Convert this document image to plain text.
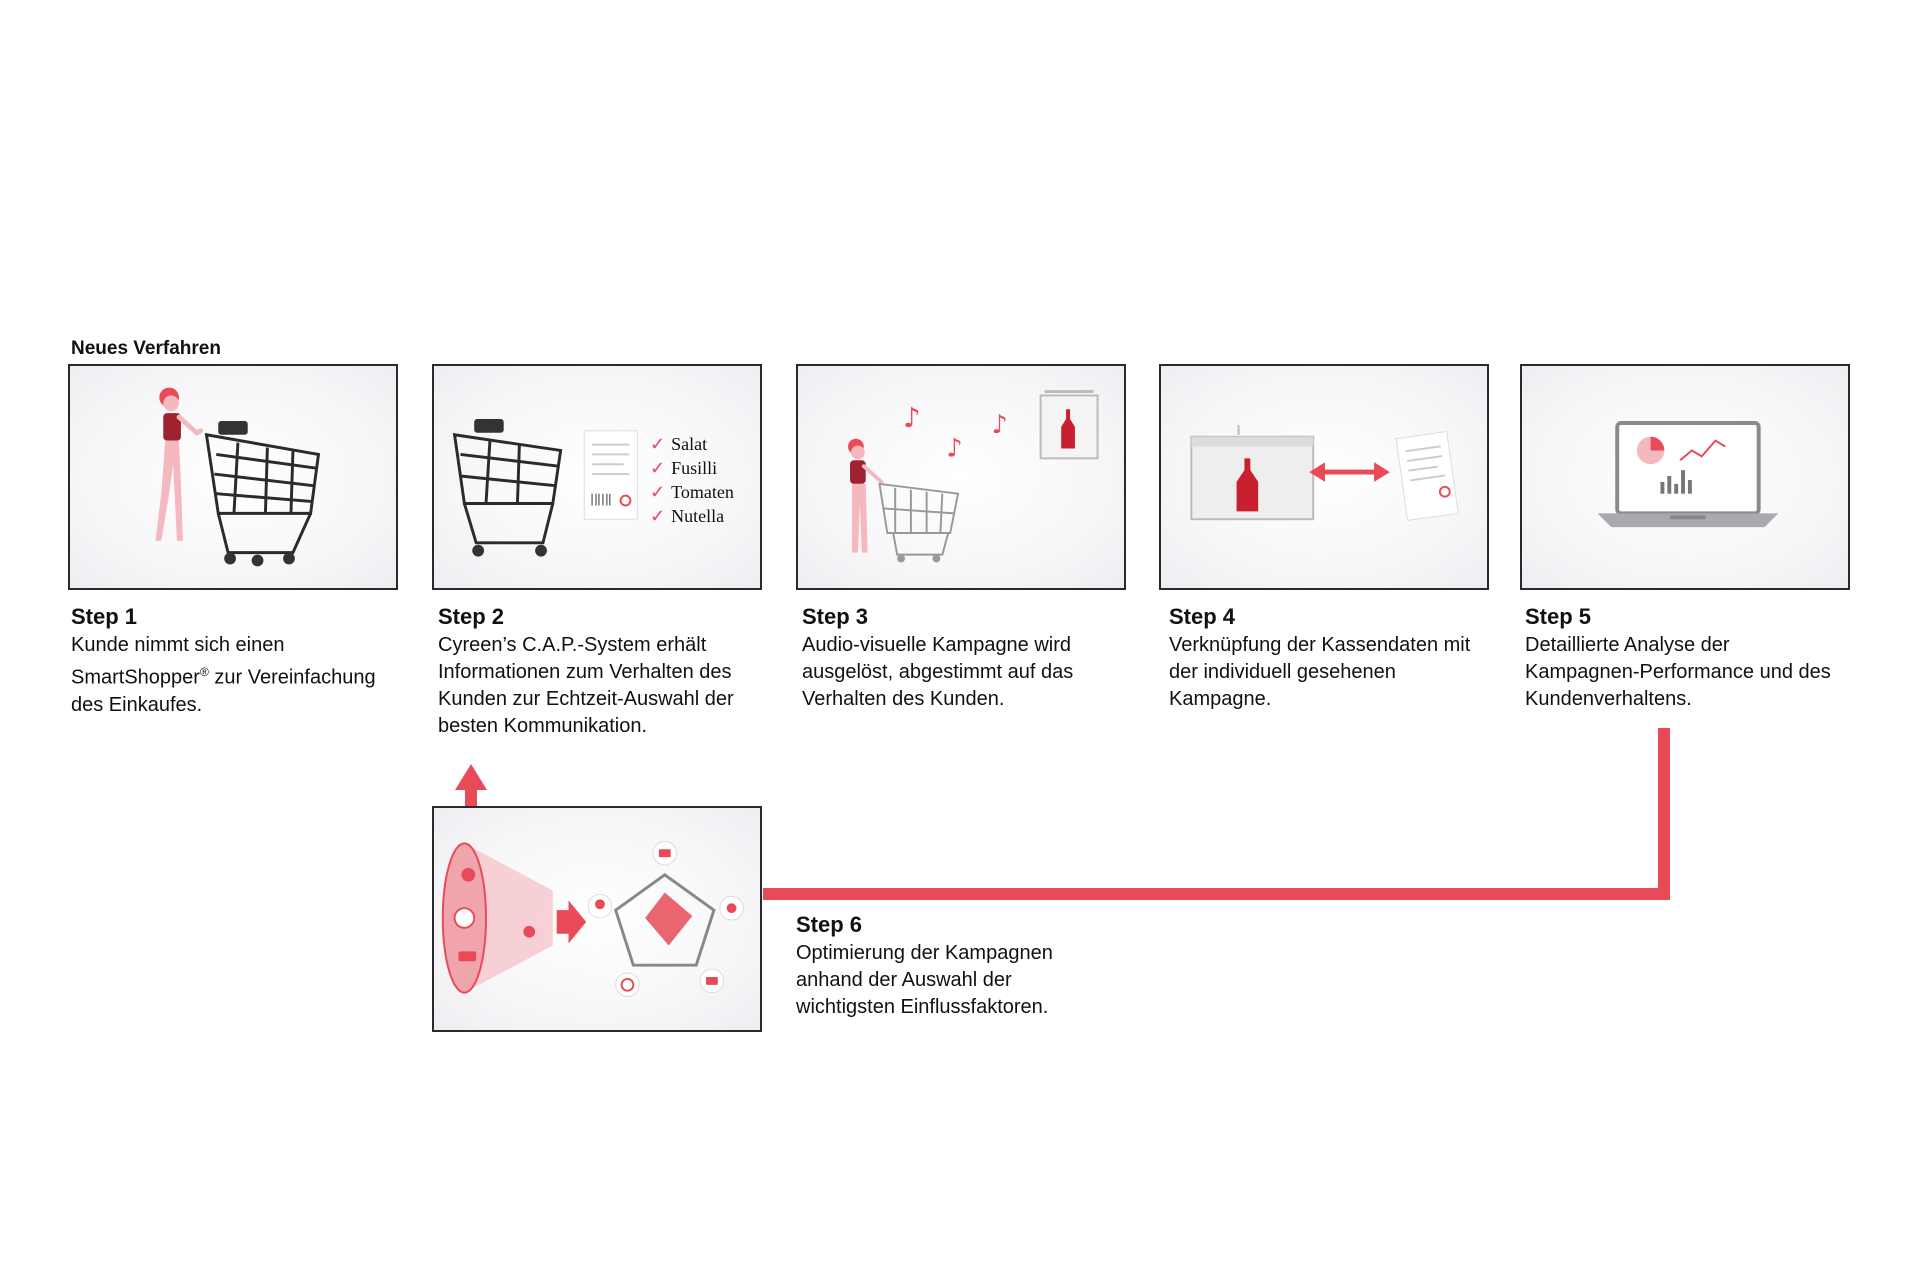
Neues Verfahren
✓ Salat
✓ Fusilli
✓ Tomaten
✓ Nutella
♪
♪
♪
Step 1
Kunde nimmt sich einen
SmartShopper® zur Vereinfachung
des Einkaufes.
Step 2
Cyreen’s C.A.P.-System erhält
Informationen zum Verhalten des
Kunden zur Echtzeit-Auswahl der
besten Kommunikation.
Step 3
Audio-visuelle Kampagne wird
ausgelöst, abgestimmt auf das
Verhalten des Kunden.
Step 4
Verknüpfung der Kassendaten mit
der individuell gesehenen
Kampagne.
Step 5
Detaillierte Analyse der
Kampagnen-Performance und des
Kundenverhaltens.
Step 6
Optimierung der Kampagnen
anhand der Auswahl der
wichtigsten Einflussfaktoren.
